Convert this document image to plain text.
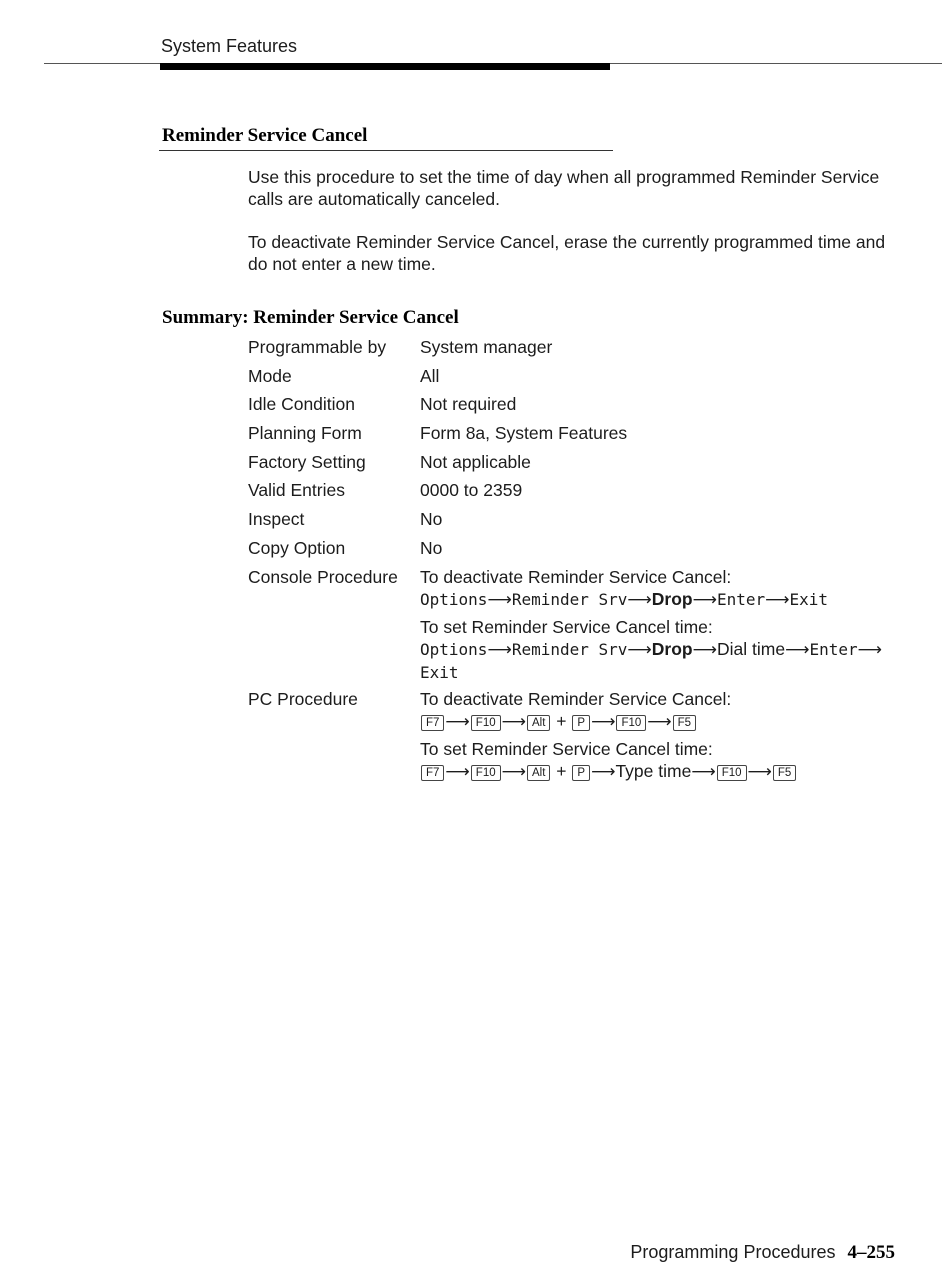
System Features
Reminder Service Cancel
Use this procedure to set the time of day when all programmed Reminder Service calls are automatically canceled.
To deactivate Reminder Service Cancel, erase the currently programmed time and do not enter a new time.
Summary: Reminder Service Cancel
Programmable by System manager
Mode	All
Idle Condition	Not required
Planning Form	Form 8a, System Features
Factory Setting	Not applicable
Valid Entries	0000 to 2359
Inspect	No
Copy Option	No
Console Procedure To deactivate Reminder Service Cancel:
Options⟶Reminder Srv⟶Drop⟶Enter⟶Exit
To set Reminder Service Cancel time:
Options⟶Reminder Srv⟶Drop⟶Dial time⟶Enter⟶
Exit
PC Procedure	To deactivate Reminder Service Cancel:
F7 ⟶ F10 ⟶ Alt + P ⟶ F10 ⟶ F5
To set Reminder Service Cancel time:
F7 ⟶ F10 ⟶ Alt + P ⟶Type time⟶ F10 ⟶ F5
Programming Procedures 4–255
